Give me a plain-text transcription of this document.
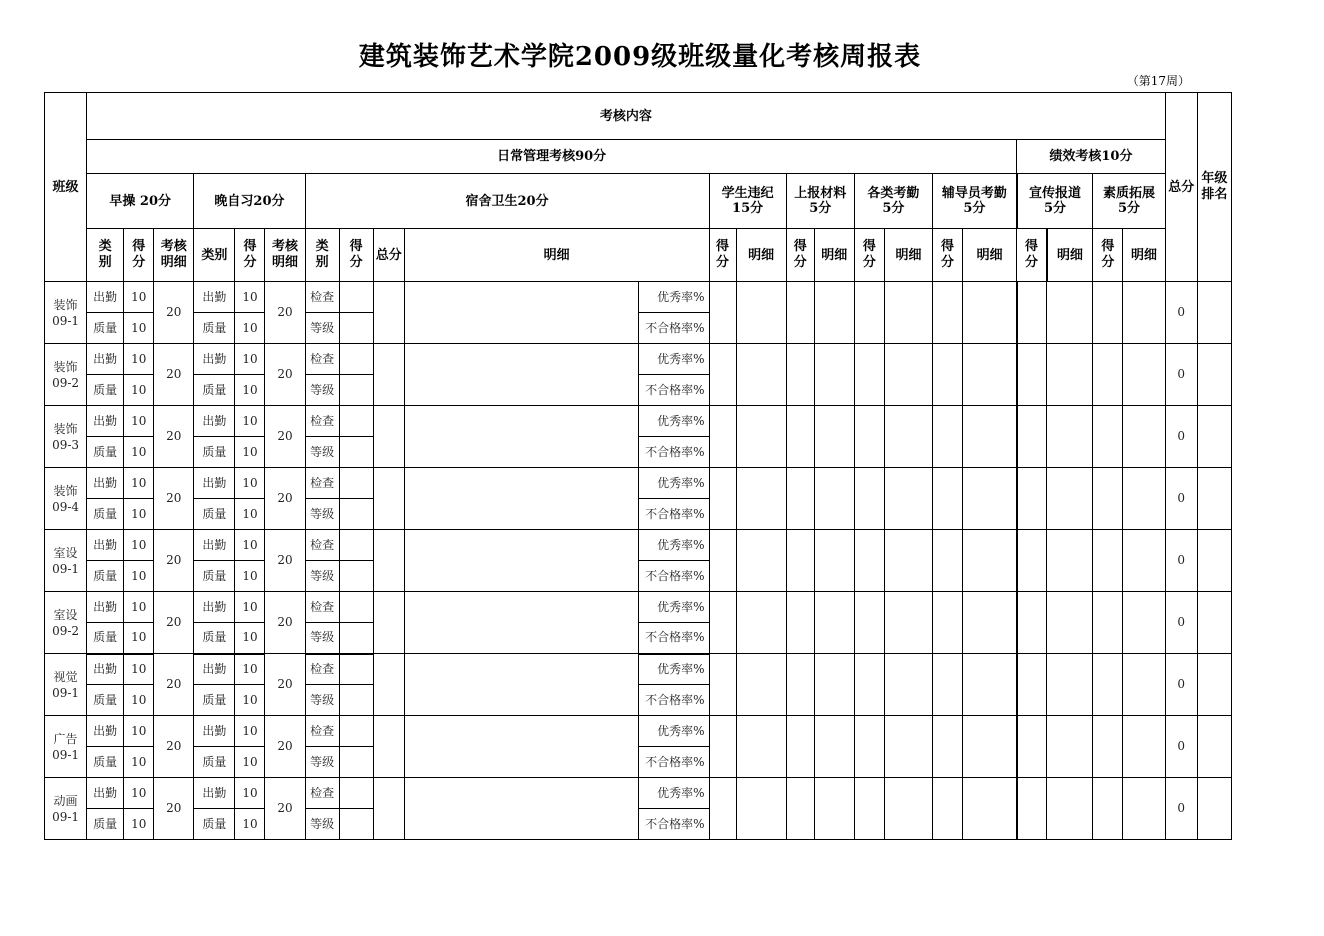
建筑装饰艺术学院2009级班级量化考核周报表
（第17周）
班级	考核内容																							总分	年级排名
	日常管理考核90分																			绩效考核10分					
	早操 20分			晚自习20分			宿舍卫生20分					学生违纪15分		上报材料5分		各类考勤5分		辅导员考勤5分		宣传报道5分		素质拓展5分			
	类别	得分	考核明细	类别	得分	考核明细	类别	得分	总分	明细		得分	明细	得分	明细	得分	明细	得分	明细	得分	明细	得分	明细		
装饰09-1	出勤	10	20	出勤	10	20	检查				优秀率%													0	
	质量	10		质量	10		等级				不合格率%														
装饰09-2	出勤	10	20	出勤	10	20	检查				优秀率%													0	
	质量	10		质量	10		等级				不合格率%														
装饰09-3	出勤	10	20	出勤	10	20	检查				优秀率%													0	
	质量	10		质量	10		等级				不合格率%														
装饰09-4	出勤	10	20	出勤	10	20	检查				优秀率%													0	
	质量	10		质量	10		等级				不合格率%														
室设09-1	出勤	10	20	出勤	10	20	检查				优秀率%													0	
	质量	10		质量	10		等级				不合格率%														
室设09-2	出勤	10	20	出勤	10	20	检查				优秀率%													0	
	质量	10		质量	10		等级				不合格率%														
视觉09-1	出勤	10	20	出勤	10	20	检查				优秀率%													0	
	质量	10		质量	10		等级				不合格率%														
广告09-1	出勤	10	20	出勤	10	20	检查				优秀率%													0	
	质量	10		质量	10		等级				不合格率%														
动画09-1	出勤	10	20	出勤	10	20	检查				优秀率%													0	
	质量	10		质量	10		等级				不合格率%														
